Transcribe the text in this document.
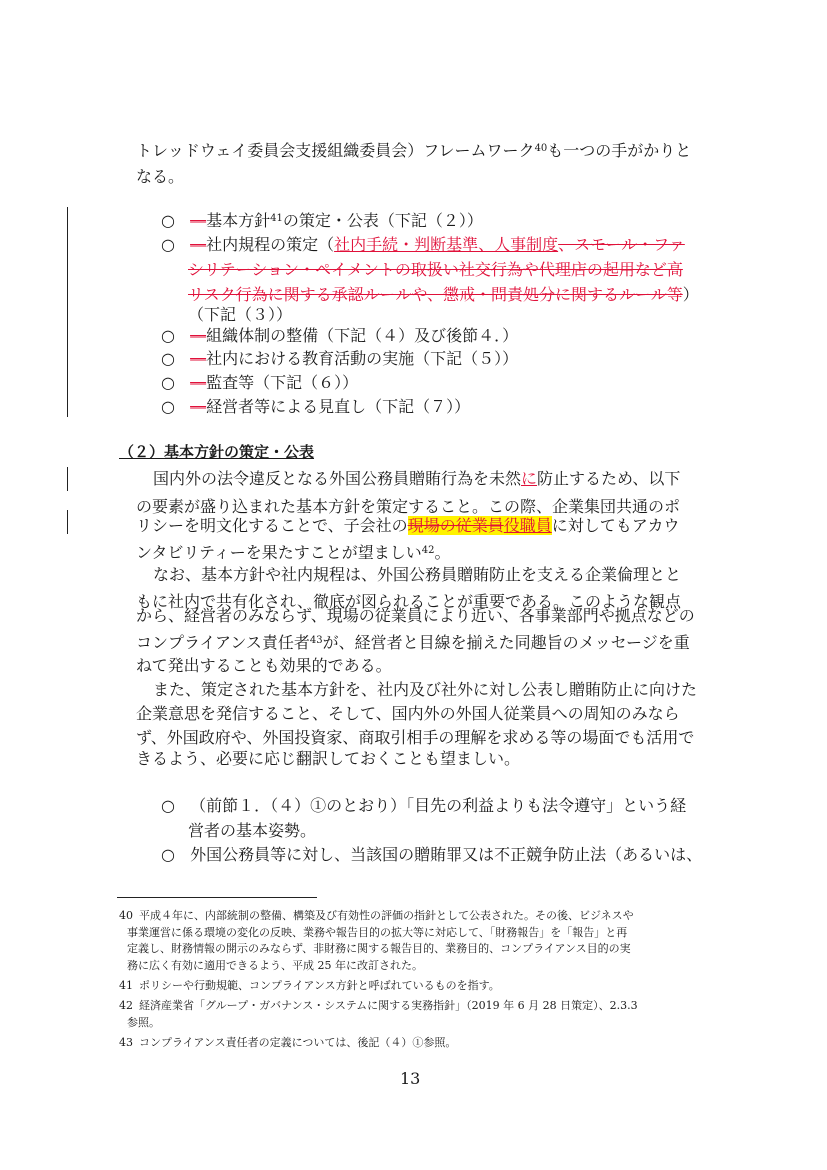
トレッドウェイ委員会支援組織委員会）フレームワーク$^{40}$も一つの手がかりと
なる。
○ ―基本方針$^{41}$の策定・公表（下記（２））
○ ―社内規程の策定（社内手続・判断基準、人事制度、スモール・ファ
シリテーション・ペイメントの取扱い社交行為や代理店の起用など高
リスク行為に関する承認ルールや、懲戒・問責処分に関するルール等）
（下記（３））
○ ―組織体制の整備（下記（４）及び後節４．）
○ ―社内における教育活動の実施（下記（５））
○ ―監査等（下記（６））
○ ―経営者等による見直し（下記（７））
（２）基本方針の策定・公表
国内外の法令違反となる外国公務員贈賄行為を未然に防止するため、以下
の要素が盛り込まれた基本方針を策定すること。この際、企業集団共通のポ
リシーを明文化することで、子会社の現場の従業員役職員に対してもアカウ
ンタビリティーを果たすことが望ましい$^{42}$。
なお、基本方針や社内規程は、外国公務員贈賄防止を支える企業倫理とと
もに社内で共有化され、徹底が図られることが重要である。このような観点
から、経営者のみならず、現場の従業員により近い、各事業部門や拠点などの
コンプライアンス責任者$^{43}$が、経営者と目線を揃えた同趣旨のメッセージを重
ねて発出することも効果的である。
また、策定された基本方針を、社内及び社外に対し公表し贈賄防止に向けた
企業意思を発信すること、そして、国内外の外国人従業員への周知のみなら
ず、外国政府や、外国投資家、商取引相手の理解を求める等の場面でも活用で
きるよう、必要に応じ翻訳しておくことも望ましい。
○ （前節１．（４）①のとおり）「目先の利益よりも法令遵守」という経
営者の基本姿勢。
○ 外国公務員等に対し、当該国の贈賄罪又は不正競争防止法（あるいは、
40 平成４年に、内部統制の整備、構築及び有効性の評価の指針として公表された。その後、ビジネスや
事業運営に係る環境の変化の反映、業務や報告目的の拡大等に対応して、「財務報告」を「報告」と再
定義し、財務情報の開示のみならず、非財務に関する報告目的、業務目的、コンプライアンス目的の実
務に広く有効に適用できるよう、平成 25 年に改訂された。
41 ポリシーや行動規範、コンプライアンス方針と呼ばれているものを指す。
42 経済産業省「グループ・ガバナンス・システムに関する実務指針」（2019 年 6 月 28 日策定）、2.3.3
参照。
43 コンプライアンス責任者の定義については、後記（４）①参照。
13
